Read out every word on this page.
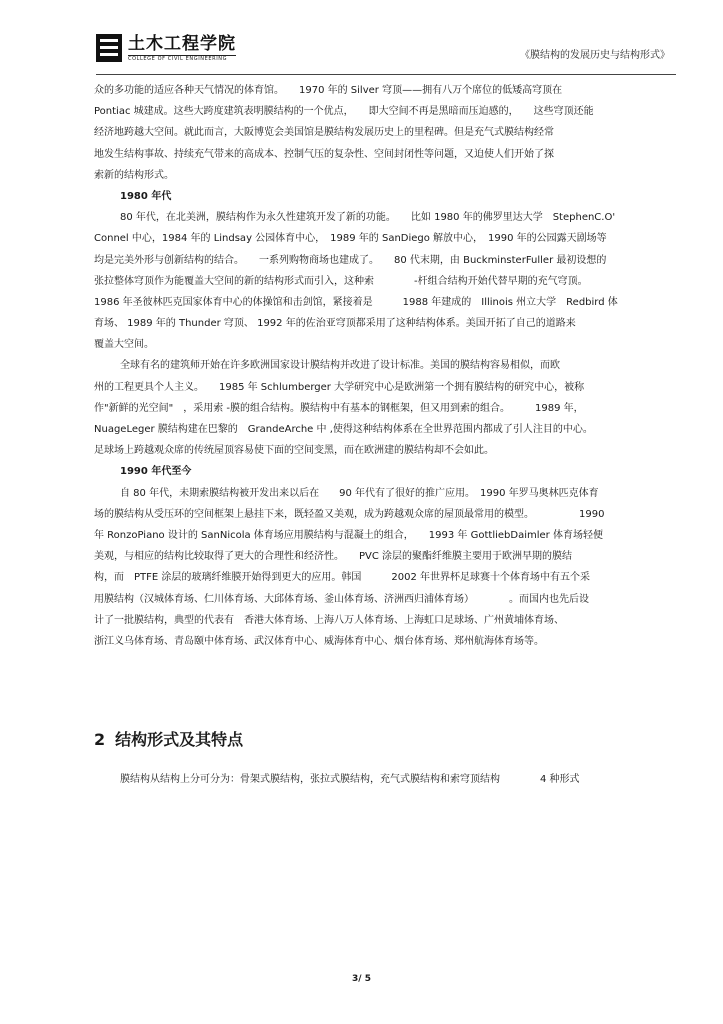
土木工程学院
COLLEGE OF CIVIL ENGINEERING	《膜结构的发展历史与结构形式》
众的多功能的适应各种天气情况的体育馆。　　1970 年的 Silver 穹顶——拥有八万个席位的低矮高穹顶在
Pontiac 城建成。这些大跨度建筑表明膜结构的一个优点，　　即大空间不再是黑暗而压迫感的，　　这些穹顶还能
经济地跨越大空间。就此而言，大阪博览会美国馆是膜结构发展历史上的里程碑。但是充气式膜结构经常
地发生结构事故、持续充气带来的高成本、控制气压的复杂性、空间封闭性等问题，又迫使人们开始了探
索新的结构形式。
1980 年代
80 年代，在北美洲，膜结构作为永久性建筑开发了新的功能。　　比如 1980 年的佛罗里达大学　StephenC.O'
Connel 中心，1984 年的 Lindsay 公园体育中心，　1989 年的 SanDiego 解放中心，　1990 年的公园露天剧场等
均是完美外形与创新结构的结合。　　一系列购物商场也建成了。　　80 代末期，由 BuckminsterFuller 最初设想的
张拉整体穹顶作为能覆盖大空间的新的结构形式而引入，这种索　　　　-杆组合结构开始代替早期的充气穹顶。
1986 年圣彼林匹克国家体育中心的体操馆和击剑馆，紧接着是　　　1988 年建成的　Illinois 州立大学　Redbird 体
育场、 1989 年的 Thunder 穹顶、 1992 年的佐治亚穹顶都采用了这种结构体系。美国开拓了自己的道路来
覆盖大空间。
全球有名的建筑师开始在许多欧洲国家设计膜结构并改进了设计标准。美国的膜结构容易相似，而欧
州的工程更具个人主义。　　1985 年 Schlumberger 大学研究中心是欧洲第一个拥有膜结构的研究中心，被称
作"新鲜的光空间"　，采用索 -膜的组合结构。膜结构中有基本的钢框架，但又用到索的组合。　　　1989 年，
NuageLeger 膜结构建在巴黎的　GrandeArche 中 ,使得这种结构体系在全世界范围内都成了引人注目的中心。
足球场上跨越观众席的传统屋顶容易使下面的空间变黑，而在欧洲建的膜结构却不会如此。
1990 年代至今
自 80 年代，未期索膜结构被开发出来以后在　　90 年代有了很好的推广应用。　1990 年罗马奥林匹克体育
场的膜结构从受压环的空间框架上悬挂下来，既轻盈又美观，成为跨越观众席的屋顶最常用的模型。　　　　　1990
年 RonzoPiano 设计的 SanNicola 体育场应用膜结构与混凝土的组合，　　1993 年 GottliebDaimler 体育场轻便
美观，与相应的结构比较取得了更大的合理性和经济性。　　PVC 涂层的聚酯纤维膜主要用于欧洲早期的膜结
构，而　PTFE 涂层的玻璃纤维膜开始得到更大的应用。韩国　　　2002 年世界杯足球赛十个体育场中有五个采
用膜结构（汉城体育场、仁川体育场、大邱体育场、釜山体育场、济洲西归浦体育场）　　　　。而国内也先后设
计了一批膜结构，典型的代表有　香港大体育场、上海八万人体育场、上海虹口足球场、广州黄埔体育场、
浙江义乌体育场、青岛颐中体育场、武汉体育中心、威海体育中心、烟台体育场、郑州航海体育场等。
2 结构形式及其特点
膜结构从结构上分可分为：骨架式膜结构，张拉式膜结构，充气式膜结构和索穹顶结构　　　　4 种形式
3/ 5
